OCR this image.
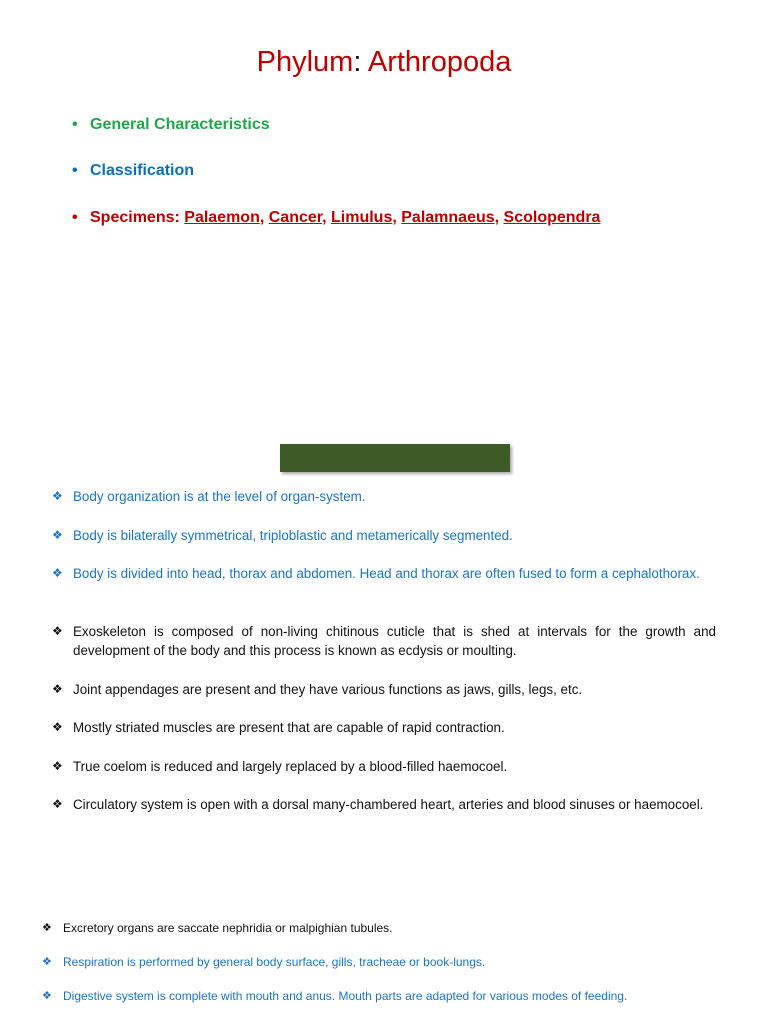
Phylum: Arthropoda
• General Characteristics
• Classification
• Specimens: Palaemon, Cancer, Limulus, Palamnaeus, Scolopendra
❖ Body organization is at the level of organ-system.
❖ Body is bilaterally symmetrical, triploblastic and metamerically segmented.
❖ Body is divided into head, thorax and abdomen. Head and thorax are often fused to form a cephalothorax.
❖ Exoskeleton is composed of non-living chitinous cuticle that is shed at intervals for the growth and development of the body and this process is known as ecdysis or moulting.
❖ Joint appendages are present and they have various functions as jaws, gills, legs, etc.
❖ Mostly striated muscles are present that are capable of rapid contraction.
❖ True coelom is reduced and largely replaced by a blood-filled haemocoel.
❖ Circulatory system is open with a dorsal many-chambered heart, arteries and blood sinuses or haemocoel.
❖ Excretory organs are saccate nephridia or malpighian tubules.
❖ Respiration is performed by general body surface, gills, tracheae or book-lungs.
❖ Digestive system is complete with mouth and anus. Mouth parts are adapted for various modes of feeding.
